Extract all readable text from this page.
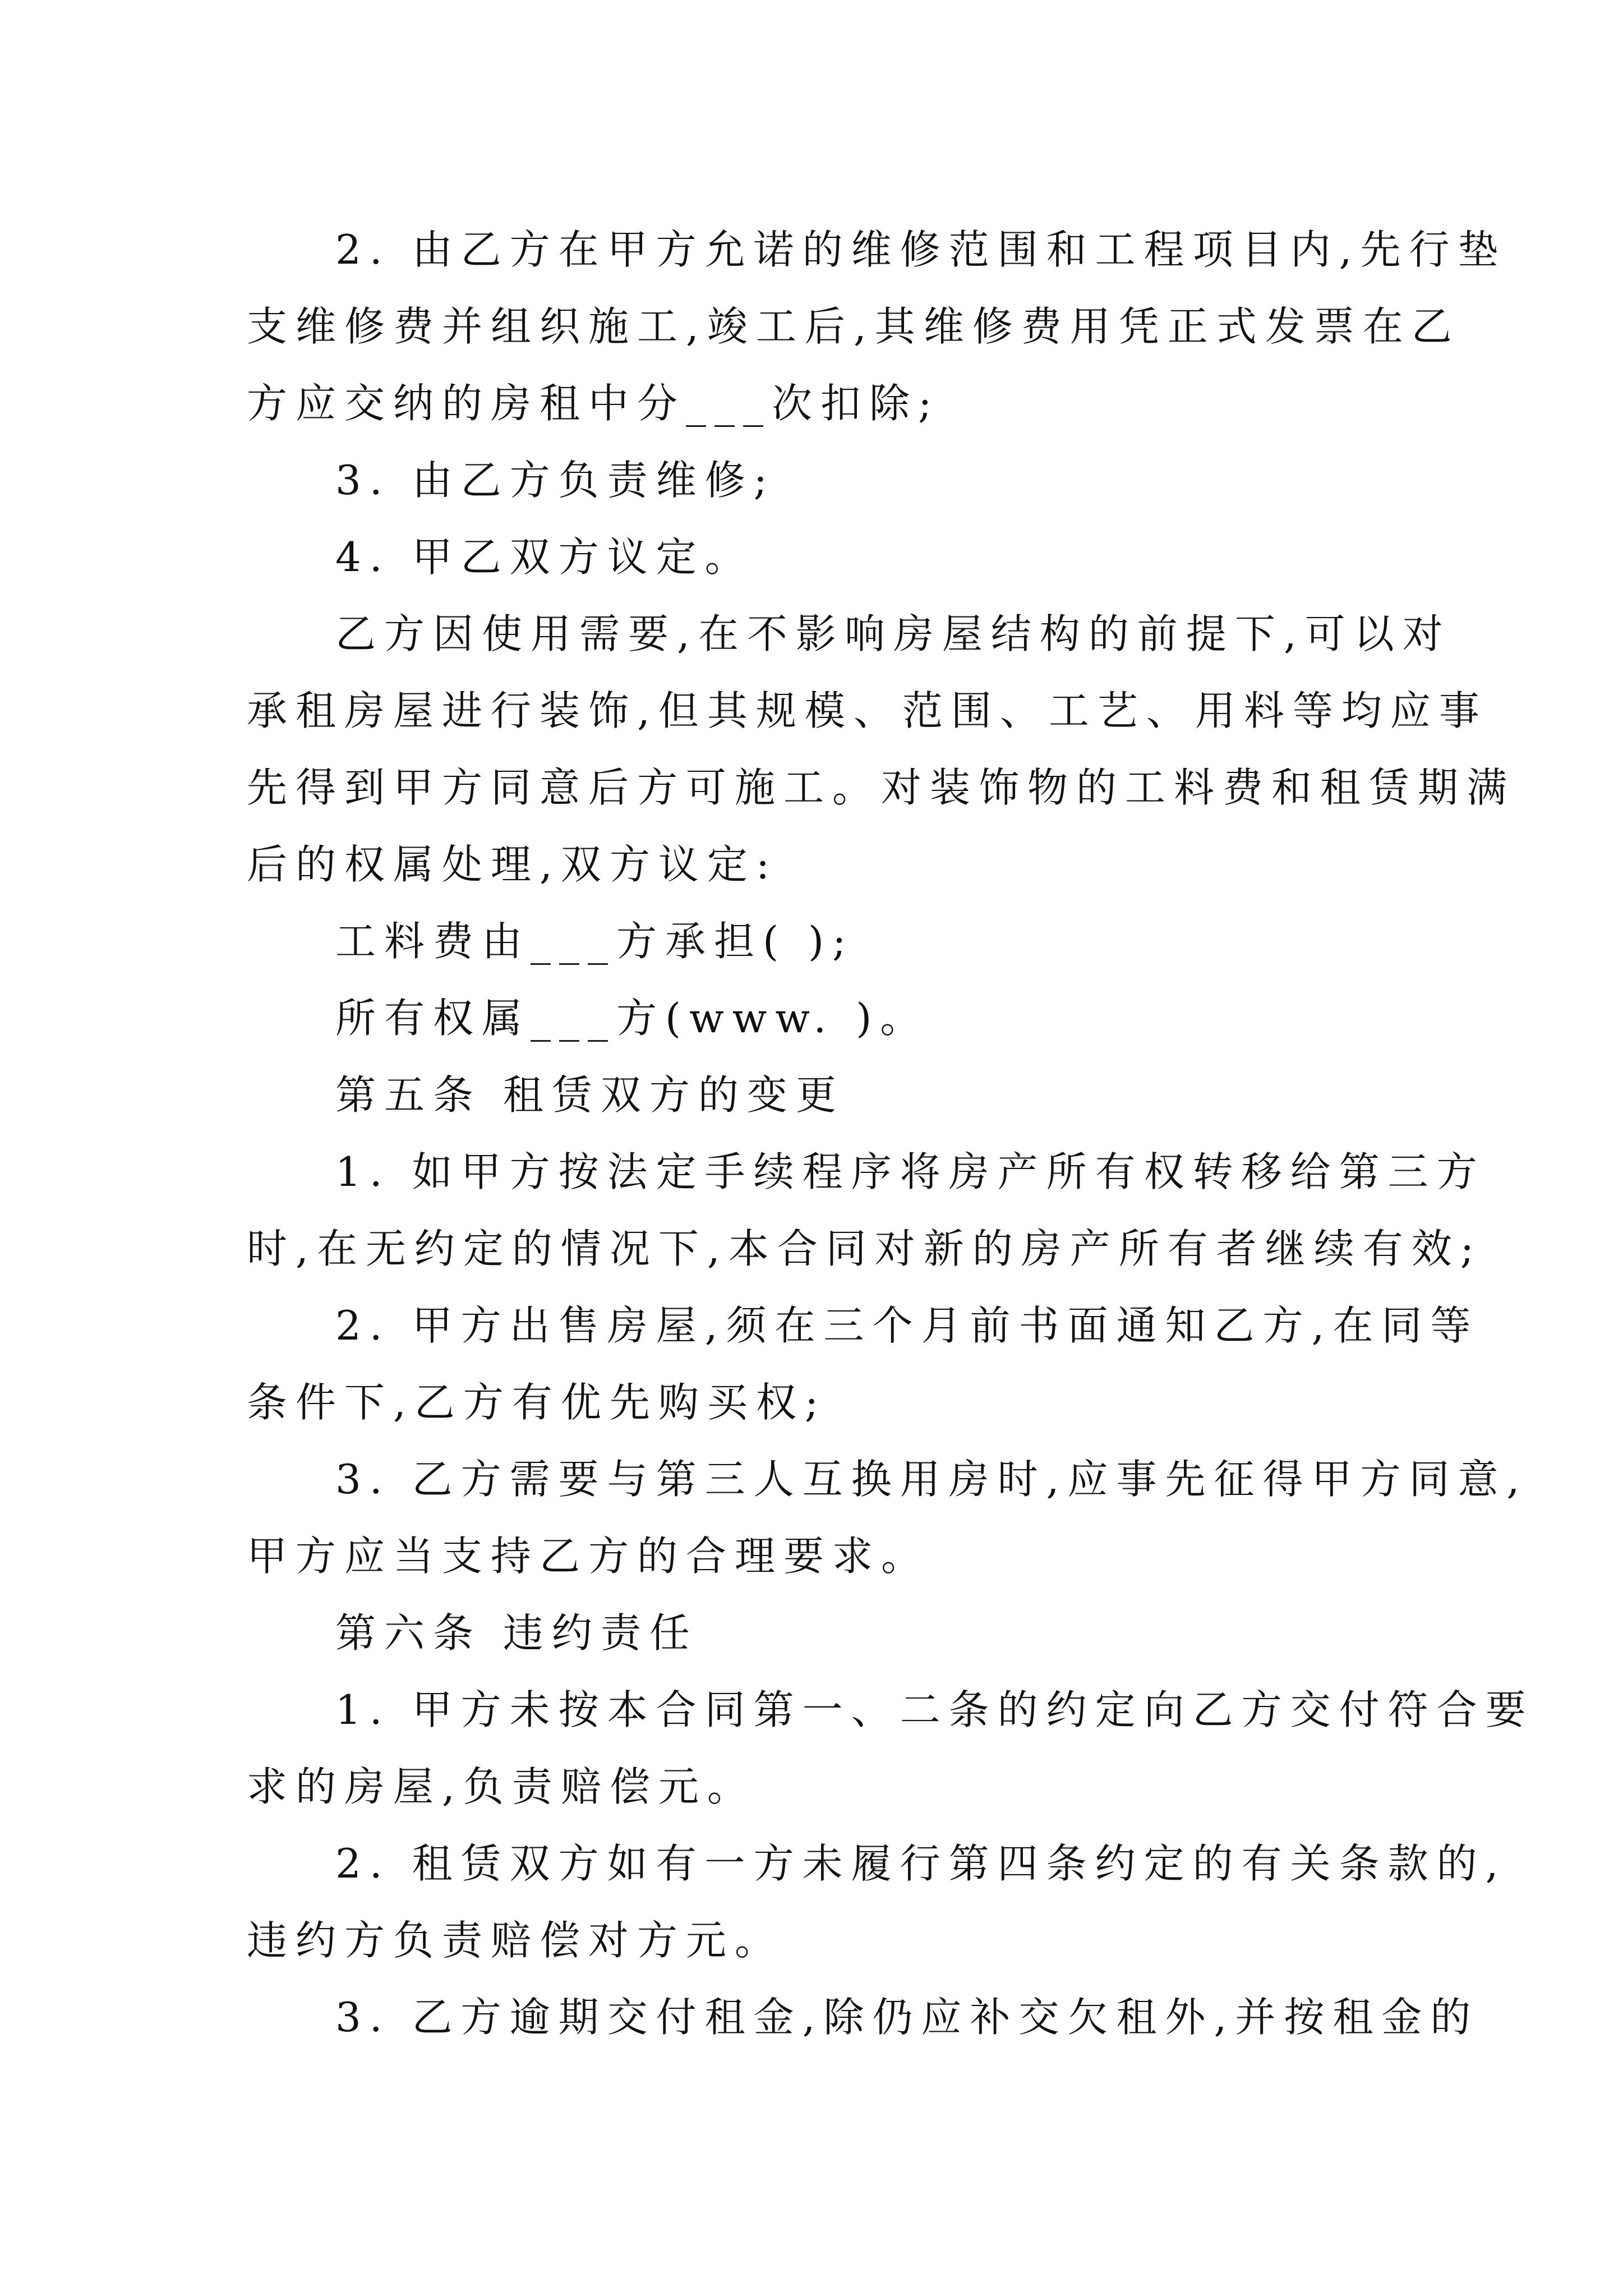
2. 由乙方在甲方允诺的维修范围和工程项目内,先行垫
支维修费并组织施工,竣工后,其维修费用凭正式发票在乙
方应交纳的房租中分___次扣除;
3. 由乙方负责维修;
4. 甲乙双方议定。
乙方因使用需要,在不影响房屋结构的前提下,可以对
承租房屋进行装饰,但其规模、范围、工艺、用料等均应事
先得到甲方同意后方可施工。对装饰物的工料费和租赁期满
后的权属处理,双方议定:
工料费由___方承担( );
所有权属___方(www. )。
第五条 租赁双方的变更
1. 如甲方按法定手续程序将房产所有权转移给第三方
时,在无约定的情况下,本合同对新的房产所有者继续有效;
2. 甲方出售房屋,须在三个月前书面通知乙方,在同等
条件下,乙方有优先购买权;
3. 乙方需要与第三人互换用房时,应事先征得甲方同意,
甲方应当支持乙方的合理要求。
第六条 违约责任
1. 甲方未按本合同第一、二条的约定向乙方交付符合要
求的房屋,负责赔偿元。
2. 租赁双方如有一方未履行第四条约定的有关条款的,
违约方负责赔偿对方元。
3. 乙方逾期交付租金,除仍应补交欠租外,并按租金的
